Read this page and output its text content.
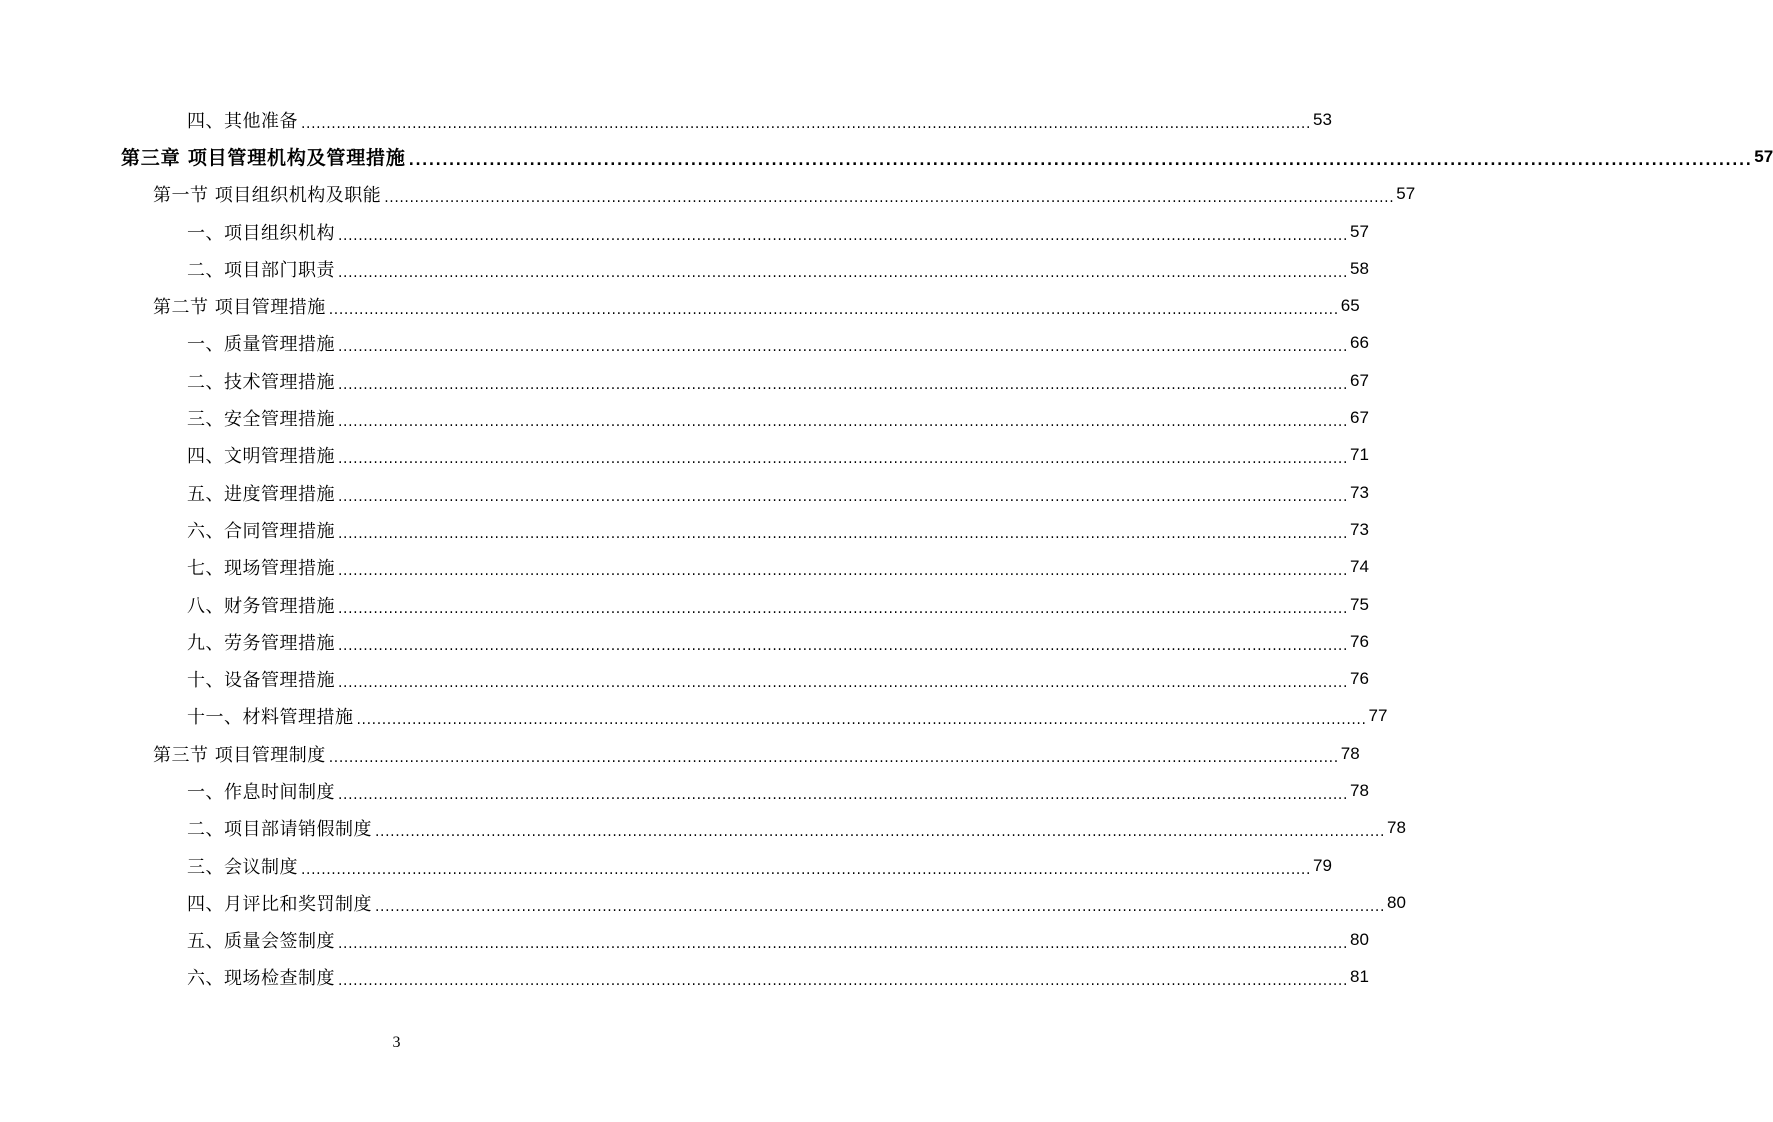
四、其他准备 ........................................................................................................................................................................................................ 53
第三章 项目管理机构及管理措施 ........................................................................................................................................................................................................ 57
第一节 项目组织机构及职能 ........................................................................................................................................................................................................ 57
一、项目组织机构 ........................................................................................................................................................................................................ 57
二、项目部门职责 ........................................................................................................................................................................................................ 58
第二节 项目管理措施 ........................................................................................................................................................................................................ 65
一、质量管理措施 ........................................................................................................................................................................................................ 66
二、技术管理措施 ........................................................................................................................................................................................................ 67
三、安全管理措施 ........................................................................................................................................................................................................ 67
四、文明管理措施 ........................................................................................................................................................................................................ 71
五、进度管理措施 ........................................................................................................................................................................................................ 73
六、合同管理措施 ........................................................................................................................................................................................................ 73
七、现场管理措施 ........................................................................................................................................................................................................ 74
八、财务管理措施 ........................................................................................................................................................................................................ 75
九、劳务管理措施 ........................................................................................................................................................................................................ 76
十、设备管理措施 ........................................................................................................................................................................................................ 76
十一、材料管理措施 ........................................................................................................................................................................................................ 77
第三节 项目管理制度 ........................................................................................................................................................................................................ 78
一、作息时间制度 ........................................................................................................................................................................................................ 78
二、项目部请销假制度 ........................................................................................................................................................................................................ 78
三、会议制度 ........................................................................................................................................................................................................ 79
四、月评比和奖罚制度 ........................................................................................................................................................................................................ 80
五、质量会签制度 ........................................................................................................................................................................................................ 80
六、现场检查制度 ........................................................................................................................................................................................................ 81
3
